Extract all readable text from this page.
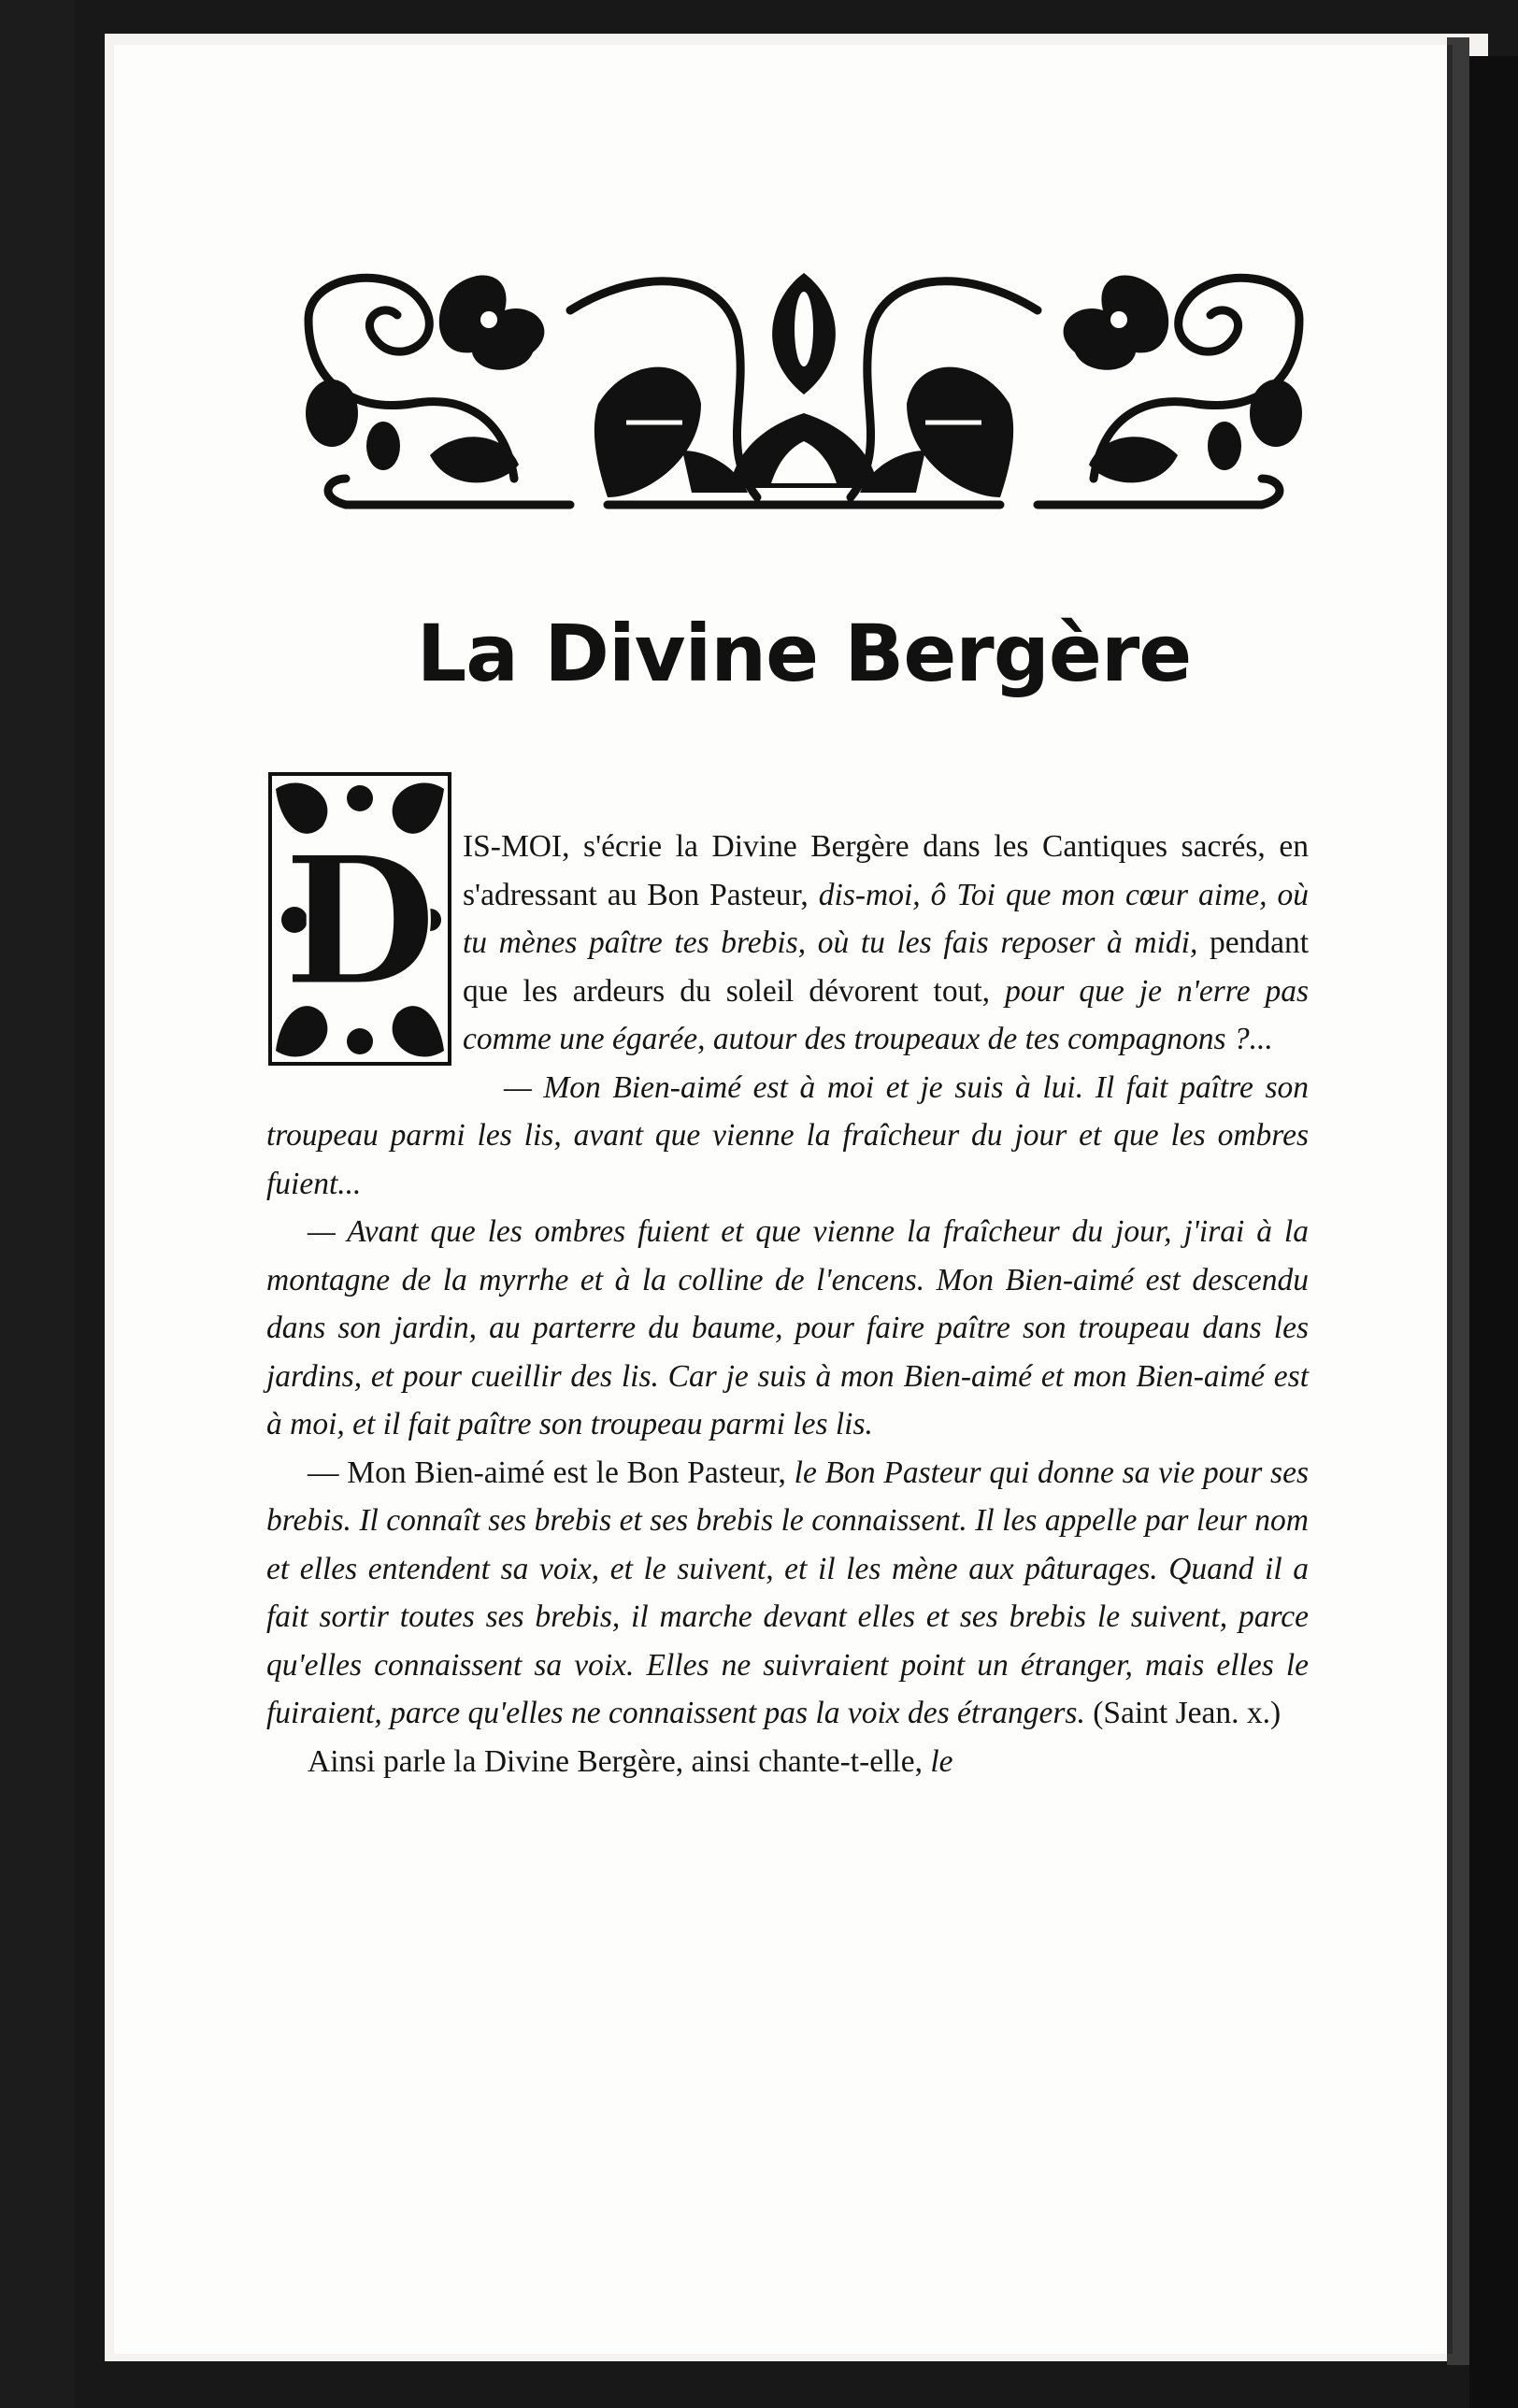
La Divine Bergère
D IS-MOI, s'écrie la Divine Bergère dans les Cantiques sacrés, en s'adressant au Bon Pasteur, dis-moi, ô Toi que mon cœur aime, où tu mènes paître tes brebis, où tu les fais reposer à midi, pendant que les ardeurs du soleil dévorent tout, pour que je n'erre pas comme une égarée, autour des troupeaux de tes compagnons ?...

— Mon Bien-aimé est à moi et je suis à lui. Il fait paître son troupeau parmi les lis, avant que vienne la fraîcheur du jour et que les ombres fuient...

— Avant que les ombres fuient et que vienne la fraîcheur du jour, j'irai à la montagne de la myrrhe et à la colline de l'encens. Mon Bien-aimé est descendu dans son jardin, au parterre du baume, pour faire paître son troupeau dans les jardins, et pour cueillir des lis. Car je suis à mon Bien-aimé et mon Bien-aimé est à moi, et il fait paître son troupeau parmi les lis.

— Mon Bien-aimé est le Bon Pasteur, le Bon Pasteur qui donne sa vie pour ses brebis. Il connaît ses brebis et ses brebis le connaissent. Il les appelle par leur nom et elles entendent sa voix, et le suivent, et il les mène aux pâturages. Quand il a fait sortir toutes ses brebis, il marche devant elles et ses brebis le suivent, parce qu'elles connaissent sa voix. Elles ne suivraient point un étranger, mais elles le fuiraient, parce qu'elles ne connaissent pas la voix des étrangers. (Saint Jean. x.)

Ainsi parle la Divine Bergère, ainsi chante-t-elle, le
